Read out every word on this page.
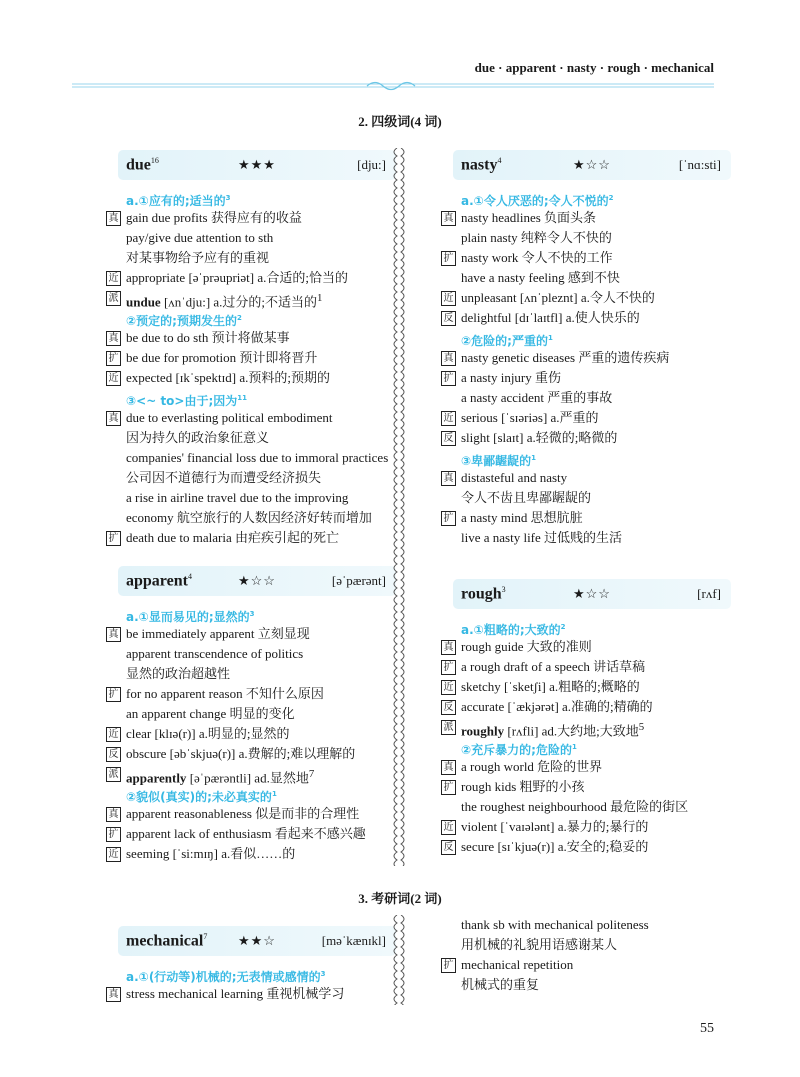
due · apparent · nasty · rough · mechanical
2. 四级词(4 词)
3. 考研词(2 词)
due$^{16}$	★★★	[dju:]
a.①应有的;适当的$^3$
真 gain due profits 获得应有的收益
pay/give due attention to sth
对某事物给予应有的重视
近 appropriate [əˈprəupriət] a.合适的;恰当的
派 undue [ʌnˈdju:] a.过分的;不适当的$^1$
②预定的;预期发生的$^2$
真 be due to do sth 预计将做某事
扩 be due for promotion 预计即将晋升
近 expected [ɪkˈspektɪd] a.预料的;预期的
③<~ to>由于;因为$^{11}$
真 due to everlasting political embodiment
因为持久的政治象征意义
companies' financial loss due to immoral practices
公司因不道德行为而遭受经济损失
a rise in airline travel due to the improving
economy 航空旅行的人数因经济好转而增加
扩 death due to malaria 由疟疾引起的死亡
apparent$^4$	★☆☆	[əˈpærənt]
a.①显而易见的;显然的$^3$
真 be immediately apparent 立刻显现
apparent transcendence of politics
显然的政治超越性
扩 for no apparent reason 不知什么原因
an apparent change 明显的变化
近 clear [klɪə(r)] a.明显的;显然的
反 obscure [əbˈskjuə(r)] a.费解的;难以理解的
派 apparently [əˈpærəntli] ad.显然地$^7$
②貌似(真实)的;未必真实的$^1$
真 apparent reasonableness 似是而非的合理性
扩 apparent lack of enthusiasm 看起来不感兴趣
近 seeming [ˈsi:mɪŋ] a.看似……的
nasty$^4$	★☆☆	[ˈnɑ:sti]
a.①令人厌恶的;令人不悦的$^2$
真 nasty headlines 负面头条
plain nasty 纯粹令人不快的
扩 nasty work 令人不快的工作
have a nasty feeling 感到不快
近 unpleasant [ʌnˈpleznt] a.令人不快的
反 delightful [dɪˈlaɪtfl] a.使人快乐的
②危险的;严重的$^1$
真 nasty genetic diseases 严重的遗传疾病
扩 a nasty injury 重伤
a nasty accident 严重的事故
近 serious [ˈsɪəriəs] a.严重的
反 slight [slaɪt] a.轻微的;略微的
③卑鄙龌龊的$^1$
真 distasteful and nasty
令人不齿且卑鄙龌龊的
扩 a nasty mind 思想肮脏
live a nasty life 过低贱的生活
rough$^3$	★☆☆	[rʌf]
a.①粗略的;大致的$^2$
真 rough guide 大致的准则
扩 a rough draft of a speech 讲话草稿
近 sketchy [ˈsketʃi] a.粗略的;概略的
反 accurate [ˈækjərət] a.准确的;精确的
派 roughly [rʌfli] ad.大约地;大致地$^5$
②充斥暴力的;危险的$^1$
真 a rough world 危险的世界
扩 rough kids 粗野的小孩
the roughest neighbourhood 最危险的街区
近 violent [ˈvaɪələnt] a.暴力的;暴行的
反 secure [sɪˈkjuə(r)] a.安全的;稳妥的
mechanical$^7$ ★★☆	[məˈkænɪkl]
a.①(行动等)机械的;无表情或感情的$^3$
真 stress mechanical learning 重视机械学习
thank sb with mechanical politeness
用机械的礼貌用语感谢某人
扩 mechanical repetition
机械式的重复
55
